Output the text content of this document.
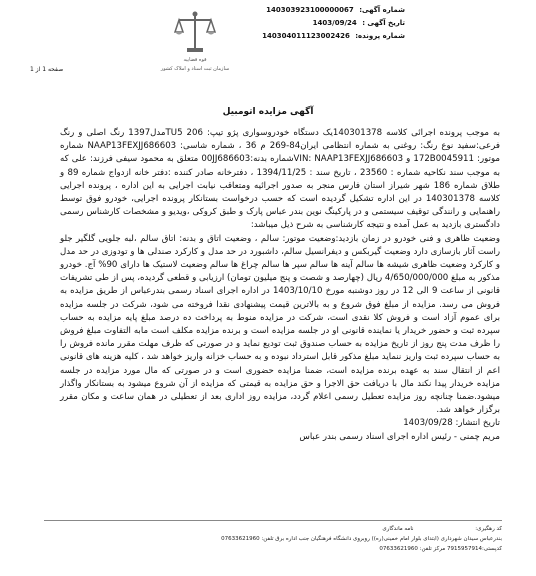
شماره آگهی: 140303923100000067
تاریخ آگهی : 1403/09/24
شماره پرونده: 140304011123002426
قوه قضاییه
سازمان ثبت اسناد و املاک کشور
صفحه 1 از 1
آگهی مزایده اتومبیل

به موجب پرونده اجرائی کلاسه 140301378یک دستگاه خودروسواری پژو تیپ: 206 TU5مدل1397 رنگ اصلی و رنگ فرعی:سفید نوع رنگ: روغنی به شماره انتظامی ایران84-269 م 36 ، شماره شاسی: NAAP13FEXJJ686603 شماره موتور: 172B0045911 و VIN: NAAP13FEXJJ686603شماره بدنه:00JJ686603 متعلق به محمود سیفی فرزند: علی که به موجب سند نکاحیه شماره : 23560 ، تاریخ سند : 1394/11/25 ، دفترخانه صادر کننده :دفتر خانه ازدواج شماره 89 و طلاق شماره 186 شهر شیراز استان فارس منجر به صدور اجرائیه ومتعاقب نیابت اجرایی به این اداره ، پرونده اجرایی کلاسه 140301378 در این اداره تشکیل گردیده است که حسب درخواست بستانکار پرونده اجرایی، خودرو فوق توسط راهنمایی و رانندگی توقیف سیستمی و در پارکینگ نوین بندر عباس پارک و طبق کروکی ،ویدیو و مشخصات کارشناس رسمی دادگستری بازدید به عمل آمده و نتیجه کارشناسی به شرح ذیل میباشد:

وضعیت ظاهری و فنی خودرو در زمان بازدید:وضعیت موتور: سالم ، وضعیت اتاق و بدنه: اتاق سالم ،لبه جلویی گلگیر جلو راست آثار بازسازی دارد وضعیت گیربکس و دیفرانسیل سالم، داشبورد در حد مدل و کارکرد صندلی ها و تودوزی در حد مدل و کارکرد وضعیت ظاهری شیشه ها سالم آینه ها سالم سپر ها سالم چراغ ها سالم وضعیت لاستیک ها دارای 90% آج. خودرو مذکور به مبلغ 4/650/000/000 ریال (چهارصد و شصت و پنج میلیون تومان) ارزیابی و قطعی گردیده، پس از طی تشریفات قانونی از ساعت 9 الی 12 در روز دوشنبه مورخ 1403/10/10 در اداره اجرای اسناد رسمی بندرعباس از طریق مزایده به فروش می رسد. مزایده از مبلغ فوق شروع و به بالاترین قیمت پیشنهادی نقدا فروخته می شود، شرکت در جلسه مزایده برای عموم آزاد است و فروش کلا نقدی است، شرکت در مزایده منوط به پرداخت ده درصد مبلغ پایه مزایده به حساب سپرده ثبت و حضور خریدار یا نماینده قانونی او در جلسه مزایده است و برنده مزایده مکلف است مابه التفاوت مبلغ فروش را ظرف مدت پنج روز از تاریخ مزایده به حساب صندوق ثبت تودیع نماید و در صورتی که ظرف مهلت مقرر مانده فروش را به حساب سپرده ثبت واریز ننماید مبلغ مذکور قابل استرداد نبوده و به حساب خزانه واریز خواهد شد ، کلیه هزینه های قانونی اعم از انتقال سند به عهده برنده مزایده است، ضمنا مزایده حضوری است و در صورتی که مال مورد مزایده در جلسه مزایده خریدار پیدا نکند مال با دریافت حق الاجرا و حق مزایده به قیمتی که مزایده از آن شروع میشود به بستانکار واگذار میشود.ضمنا چنانچه روز مزایده تعطیل رسمی اعلام گردد، مزایده روز اداری بعد از تعطیلی در همان ساعت و مکان مقرر برگزار خواهد شد.

تاریخ انتشار: 1403/09/28

مریم چمنی - رئیس اداره اجرای اسناد رسمی بندر عباس

کد رهگیری: نامه ماندگاری
بندرعباس سیدان شهرداری (ابتدای بلوار امام خمینی(ره)) روبروی دانشگاه فرهنگیان جنب اداره برق تلفن: 07633621960
کدپستی:7915957914 مرکز تلفن: 07633621960
